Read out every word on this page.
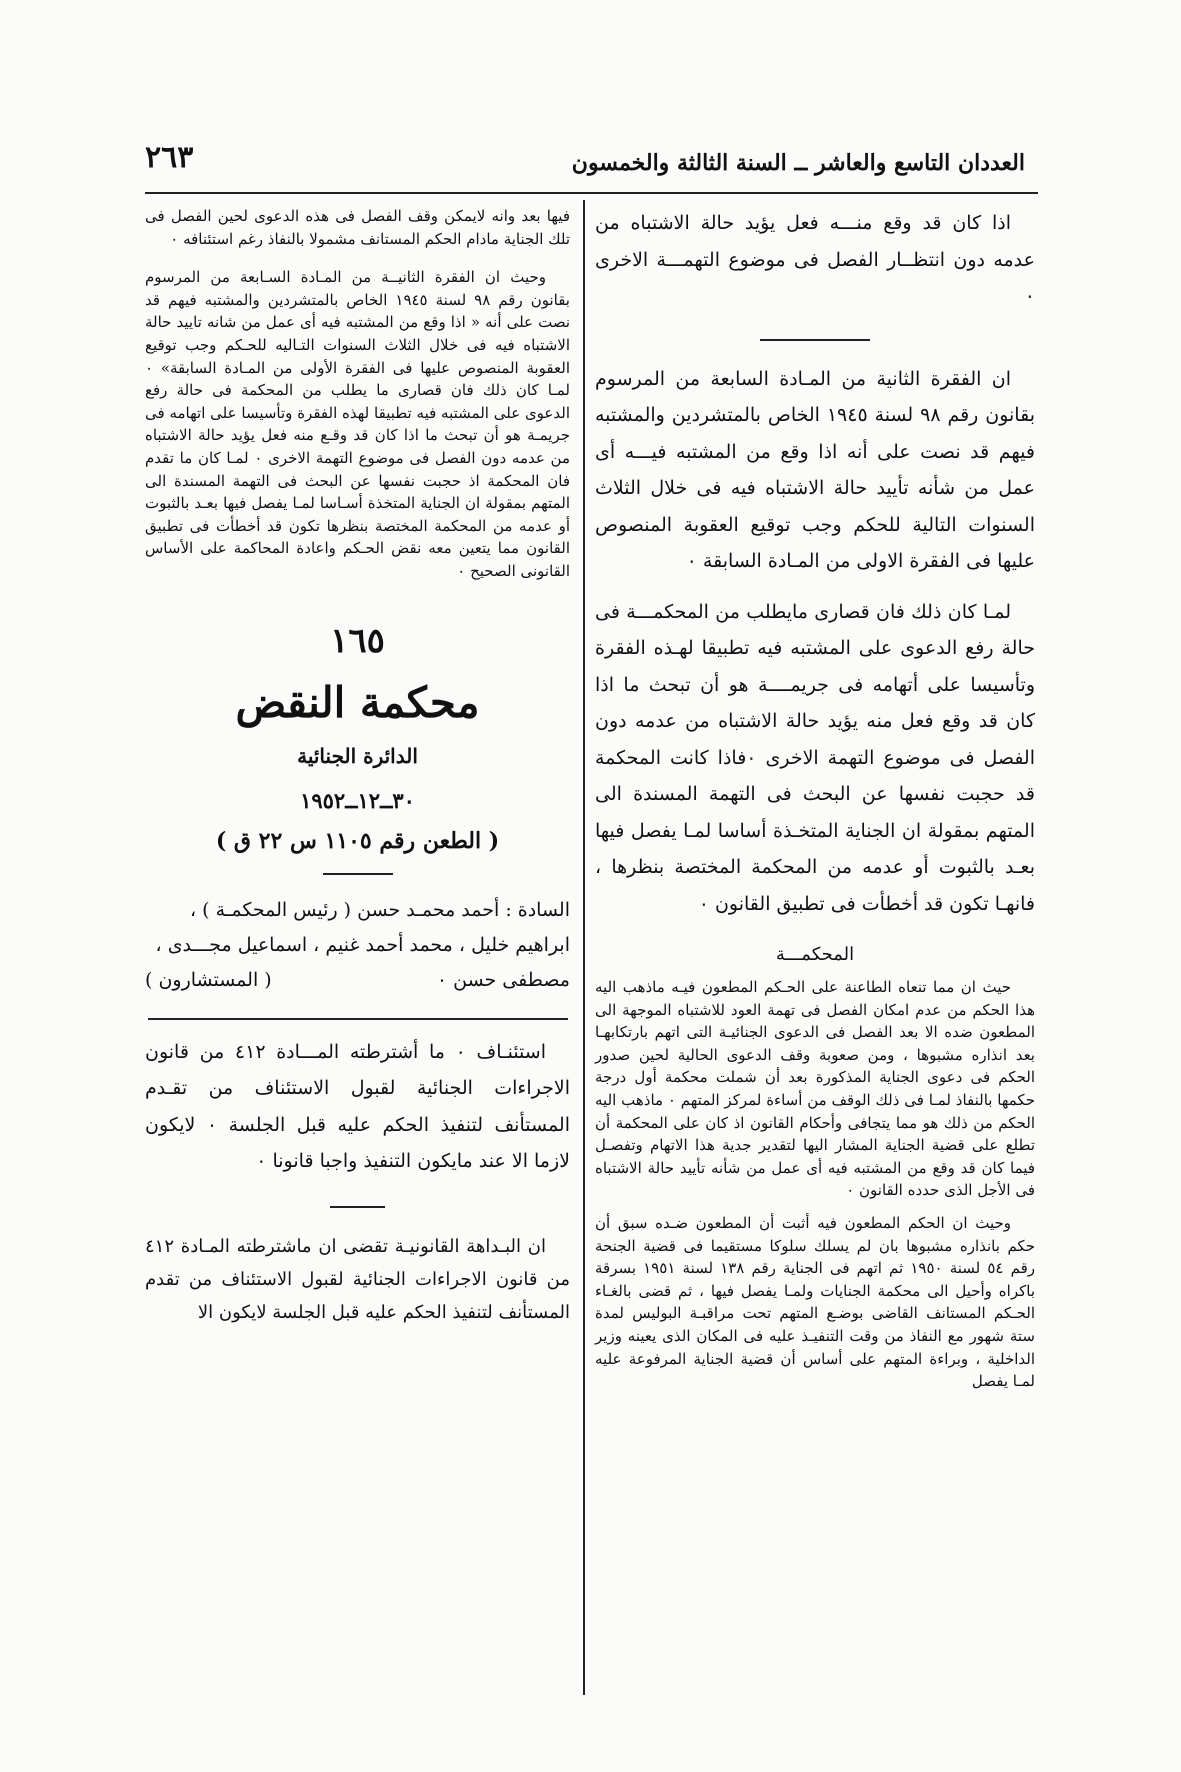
العددان التاسع والعاشر ــ السنة الثالثة والخمسون
٢٦٣

اذا كان قد وقع منـــه فعل يؤيد حالة الاشتباه من عدمه دون انتظــار الفصل فى موضوع التهمـــة الاخرى ٠

ان الفقرة الثانية من المـادة السابعة من المرسوم بقانون رقم ٩٨ لسنة ١٩٤٥ الخاص بالمتشردين والمشتبه فيهم قد نصت على أنه اذا وقع من المشتبه فيـــه أى عمل من شأنه تأييد حالة الاشتباه فيه فى خلال الثلاث السنوات التالية للحكم وجب توقيع العقوبة المنصوص عليها فى الفقرة الاولى من المـادة السابقة ٠

لمـا كان ذلك فان قصارى مايطلب من المحكمـــة فى حالة رفع الدعوى على المشتبه فيه تطبيقا لهـذه الفقرة وتأسيسا على أتهامه فى جريمــــة هو أن تبحث ما اذا كان قد وقع فعل منه يؤيد حالة الاشتباه من عدمه دون الفصل فى موضوع التهمة الاخرى ٠فاذا كانت المحكمة قد حجبت نفسها عن البحث فى التهمة المسندة الى المتهم بمقولة ان الجناية المتخـذة أساسا لمـا يفصل فيها بعـد بالثبوت أو عدمه من المحكمة المختصة بنظرها ، فانهـا تكون قد أخطأت فى تطبيق القانون ٠

المحكمـــة

حيث ان مما تنعاه الطاعنة على الحـكم المطعون فيـه ماذهب اليه هذا الحكم من عدم امكان الفصل فى تهمة العود للاشتباه الموجهة الى المطعون ضده الا بعد الفصل فى الدعوى الجنائيـة التى اتهم بارتكابهـا بعد انذاره مشبوها ، ومن صعوبة وقف الدعوى الحالية لحين صدور الحكم فى دعوى الجناية المذكورة بعد أن شملت محكمة أول درجة حكمها بالنفاذ لمـا فى ذلك الوقف من أساءة لمركز المتهم ٠ ماذهب اليه الحكم من ذلك هو مما يتجافى وأحكام القانون اذ كان على المحكمة أن تطلع على قضية الجناية المشار اليها لتقدير جدية هذا الاتهام وتفصـل فيما كان قد وقع من المشتبه فيه أى عمل من شأنه تأييد حالة الاشتباه فى الأجل الذى حدده القانون ٠

وحيث ان الحكم المطعون فيه أثبت أن المطعون ضـده سبق أن حكم بانذاره مشبوها بان لم يسلك سلوكا مستقيما فى قضية الجنحة رقم ٥٤ لسنة ١٩٥٠ ثم اتهم فى الجناية رقم ١٣٨ لسنة ١٩٥١ بسرقة باكراه وأحيل الى محكمة الجنايات ولمـا يفصل فيها ، ثم قضى بالغـاء الحـكم المستانف القاضى بوضـع المتهم تحت مراقبـة البوليس لمدة ستة شهور مع النفاذ من وقت التنفيـذ عليه فى المكان الذى يعينه وزير الداخلية ، وبراءة المتهم على أساس أن قضية الجناية المرفوعة عليه لمـا يفصل

فيها بعد وانه لايمكن وقف الفصل فى هذه الدعوى لحين الفصل فى تلك الجناية مادام الحكم المستانف مشمولا بالنفاذ رغم استئنافه ٠

وحيث ان الفقرة الثانيــة من المـادة السـابعة من المرسوم بقانون رقم ٩٨ لسنة ١٩٤٥ الخاص بالمتشردين والمشتبه فيهم قد نصت على أنه « اذا وقع من المشتبه فيه أى عمل من شانه تاييد حالة الاشتباه فيه فى خلال الثلاث السنوات التـاليه للحـكم وجب توقيع العقوبة المنصوص عليها فى الفقرة الأولى من المـادة السابقة» ٠ لمـا كان ذلك فان قصارى ما يطلب من المحكمة فى حالة رفع الدعوى على المشتبه فيه تطبيقا لهذه الفقرة وتأسيسا على اتهامه فى جريمـة هو أن تبحث ما اذا كان قد وقـع منه فعل يؤيد حالة الاشتباه من عدمه دون الفصل فى موضوع التهمة الاخرى ٠ لمـا كان ما تقدم فان المحكمة اذ حجبت نفسها عن البحث فى التهمة المسندة الى المتهم بمقولة ان الجناية المتخذة أسـاسا لمـا يفصل فيها بعـد بالثبوت أو عدمه من المحكمة المختصة بنظرها تكون قد أخطأت فى تطبيق القانون مما يتعين معه نقض الحـكم واعادة المحاكمة على الأساس القانونى الصحيح ٠

١٦٥
محكمة النقض
الدائرة الجنائية
٣٠ــ١٢ــ١٩٥٢
( الطعن رقم ١١٠٥ س ٢٢ ق )
السادة : أحمد محمـد حسن ( رئيس المحكمـة ) ،
ابراهيم خليل ، محمد أحمد غنيم ، اسماعيل مجـــدى ،
مصطفى حسن ٠
( المستشارون )

استئنـاف ٠ ما أشترطته المـــادة ٤١٢ من قانون الاجراءات الجنائية لقبول الاستئناف من تقـدم المستأنف لتنفيذ الحكم عليه قبل الجلسة ٠ لايكون لازما الا عند مايكون التنفيذ واجبا قانونا ٠

ان البـداهة القانونيـة تقضى ان ماشترطته المـادة ٤١٢ من قانون الاجراءات الجنائية لقبول الاستئناف من تقدم المستأنف لتنفيذ الحكم عليه قبل الجلسة لايكون الا
